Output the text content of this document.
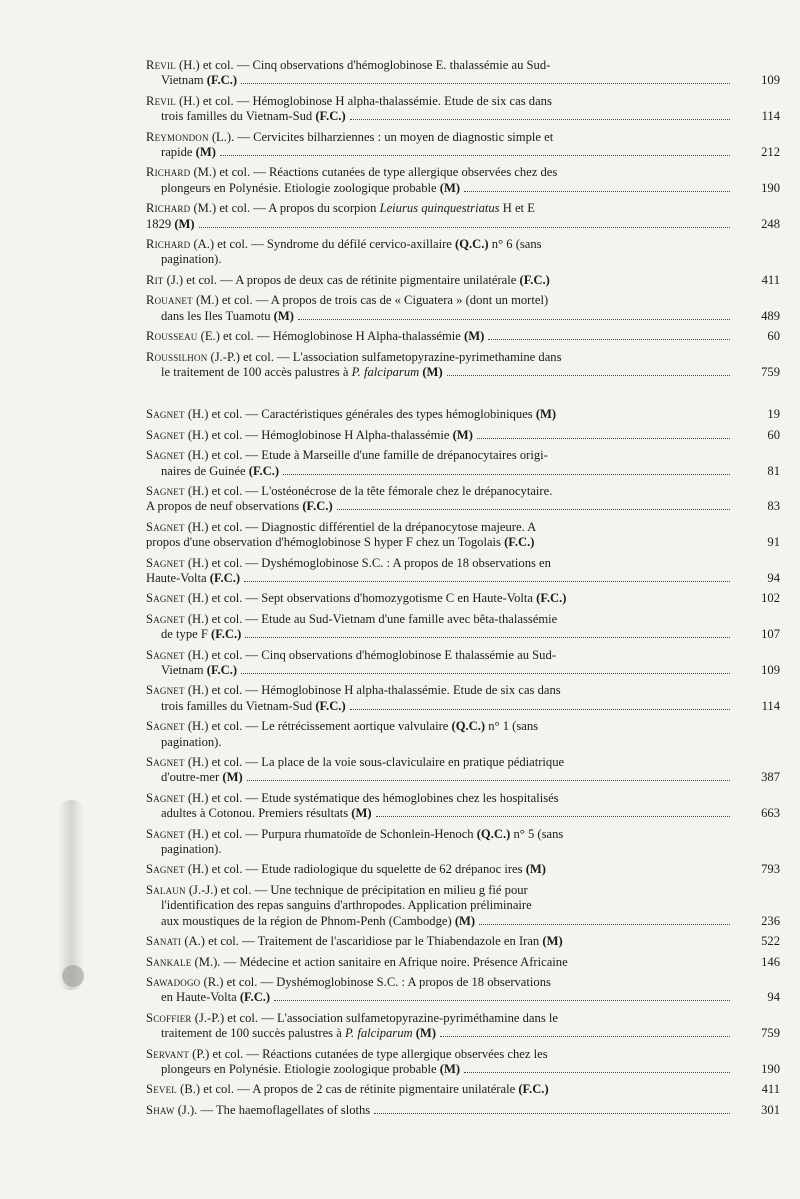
Revil (H.) et col. — Cinq observations d'hémoglobinose E. thalassémie au Sud-
Vietnam (F.C.)	109
Revil (H.) et col. — Hémoglobinose H alpha-thalassémie. Etude de six cas dans
trois familles du Vietnam-Sud (F.C.)	114
Reymondon (L.). — Cervicites bilharziennes : un moyen de diagnostic simple et
rapide (M)	212
Richard (M.) et col. — Réactions cutanées de type allergique observées chez des
plongeurs en Polynésie. Etiologie zoologique probable (M)	190
Richard (M.) et col. — A propos du scorpion Leiurus quinquestriatus H et E
1829 (M)	248
Richard (A.) et col. — Syndrome du défilé cervico-axillaire (Q.C.) n° 6 (sans
pagination).
Rit (J.) et col. — A propos de deux cas de rétinite pigmentaire unilatérale (F.C.)	411
Rouanet (M.) et col. — A propos de trois cas de « Ciguatera » (dont un mortel)
dans les Iles Tuamotu (M)	489
Rousseau (E.) et col. — Hémoglobinose H Alpha-thalassémie (M)	60
Roussilhon (J.-P.) et col. — L'association sulfametopyrazine-pyrimethamine dans
le traitement de 100 accès palustres à P. falciparum (M)	759
Sagnet (H.) et col. — Caractéristiques générales des types hémoglobiniques (M)	19
Sagnet (H.) et col. — Hémoglobinose H Alpha-thalassémie (M)	60
Sagnet (H.) et col. — Etude à Marseille d'une famille de drépanocytaires origi-
naires de Guinée (F.C.)	81
Sagnet (H.) et col. — L'ostéonécrose de la tête fémorale chez le drépanocytaire.
A propos de neuf observations (F.C.)	83
Sagnet (H.) et col. — Diagnostic différentiel de la drépanocytose majeure. A
propos d'une observation d'hémoglobinose S hyper F chez un Togolais (F.C.)	91
Sagnet (H.) et col. — Dyshémoglobinose S.C. : A propos de 18 observations en
Haute-Volta (F.C.)	94
Sagnet (H.) et col. — Sept observations d'homozygotisme C en Haute-Volta (F.C.)	102
Sagnet (H.) et col. — Etude au Sud-Vietnam d'une famille avec bêta-thalassémie
de type F (F.C.)	107
Sagnet (H.) et col. — Cinq observations d'hémoglobinose E thalassémie au Sud-
Vietnam (F.C.)	109
Sagnet (H.) et col. — Hémoglobinose H alpha-thalassémie. Etude de six cas dans
trois familles du Vietnam-Sud (F.C.)	114
Sagnet (H.) et col. — Le rétrécissement aortique valvulaire (Q.C.) n° 1 (sans
pagination).
Sagnet (H.) et col. — La place de la voie sous-claviculaire en pratique pédiatrique
d'outre-mer (M)	387
Sagnet (H.) et col. — Etude systématique des hémoglobines chez les hospitalisés
adultes à Cotonou. Premiers résultats (M)	663
Sagnet (H.) et col. — Purpura rhumatoïde de Schonlein-Henoch (Q.C.) n° 5 (sans
pagination).
Sagnet (H.) et col. — Etude radiologique du squelette de 62 drépanoc ires (M)	793
Salaun (J.-J.) et col. — Une technique de précipitation en milieu g fié pour
l'identification des repas sanguins d'arthropodes. Application préliminaire
aux moustiques de la région de Phnom-Penh (Cambodge) (M)	236
Sanati (A.) et col. — Traitement de l'ascaridiose par le Thiabendazole en Iran (M)	522
Sankale (M.). — Médecine et action sanitaire en Afrique noire. Présence Africaine	146
Sawadogo (R.) et col. — Dyshémoglobinose S.C. : A propos de 18 observations
en Haute-Volta (F.C.)	94
Scoffier (J.-P.) et col. — L'association sulfametopyrazine-pyriméthamine dans le
traitement de 100 succès palustres à P. falciparum (M)	759
Servant (P.) et col. — Réactions cutanées de type allergique observées chez les
plongeurs en Polynésie. Etiologie zoologique probable (M)	190
Sevel (B.) et col. — A propos de 2 cas de rétinite pigmentaire unilatérale (F.C.)	411
Shaw (J.). — The haemoflagellates of sloths	301
